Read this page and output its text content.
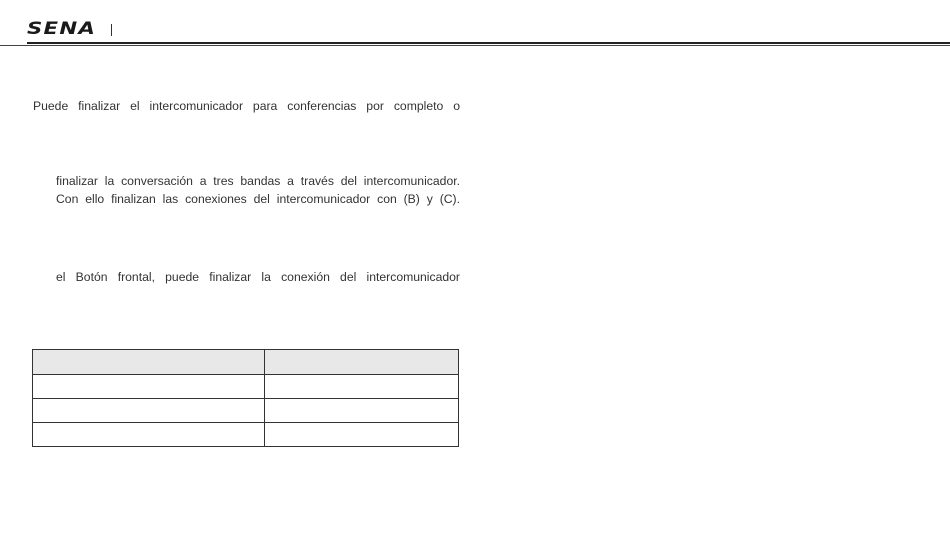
SENA

Puede finalizar el intercomunicador para conferencias por completo o

finalizar la conversación a tres bandas a través del intercomunicador.

Con ello finalizan las conexiones del intercomunicador con (B) y (C).

el Botón frontal, puede finalizar la conexión del intercomunicador
